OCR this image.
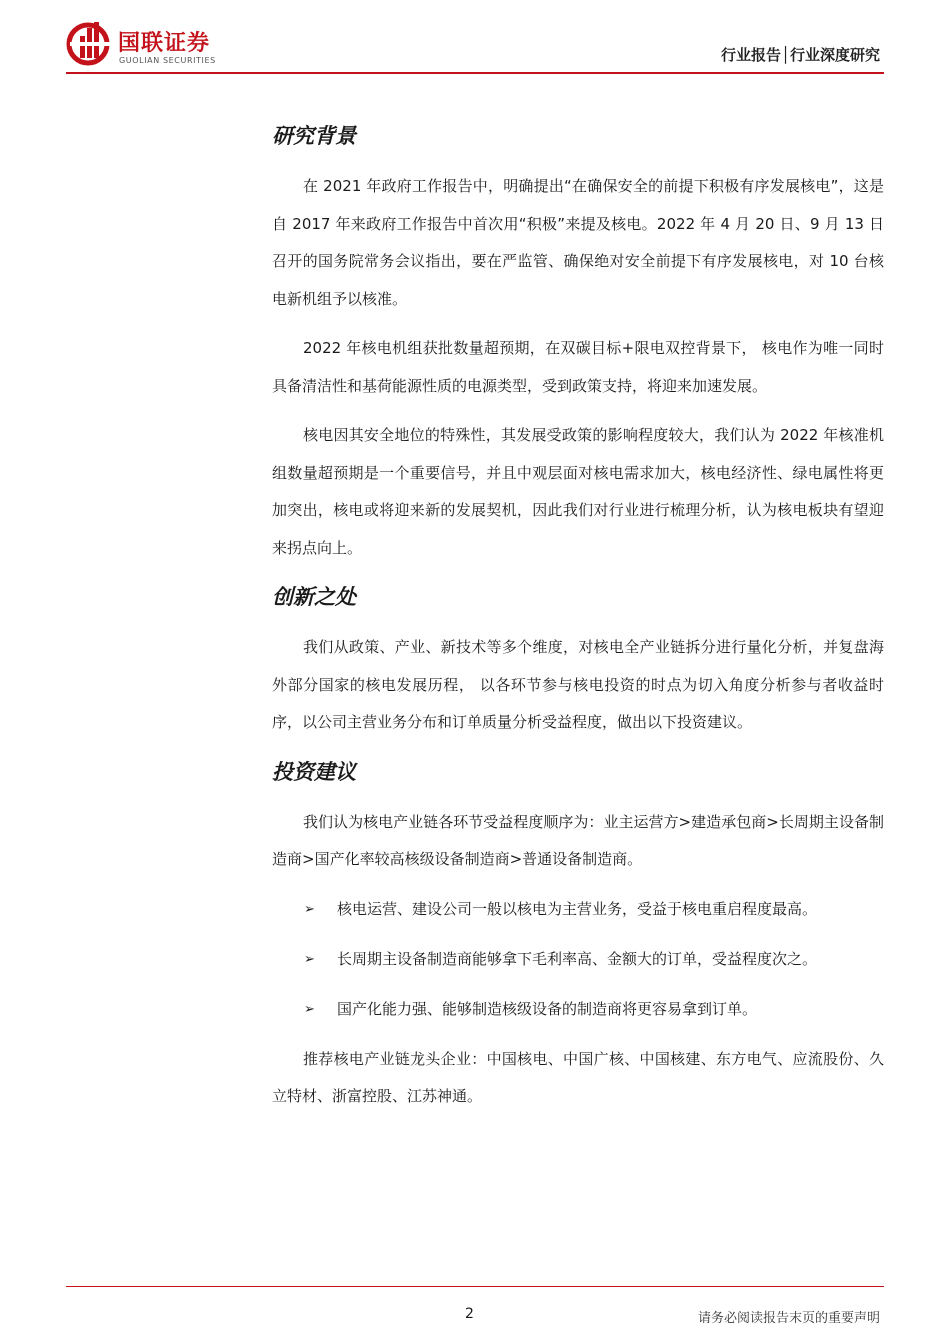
国联证券
GUOLIAN SECURITIES	行业报告│行业深度研究
研究背景

在 2021 年政府工作报告中，明确提出“在确保安全的前提下积极有序发展核电”，这是自 2017 年来政府工作报告中首次用“积极”来提及核电。2022 年 4 月 20 日、9 月 13 日召开的国务院常务会议指出，要在严监管、确保绝对安全前提下有序发展核电，对 10 台核电新机组予以核准。

2022 年核电机组获批数量超预期，在双碳目标+限电双控背景下， 核电作为唯一同时具备清洁性和基荷能源性质的电源类型，受到政策支持，将迎来加速发展。

核电因其安全地位的特殊性，其发展受政策的影响程度较大，我们认为 2022 年核准机组数量超预期是一个重要信号，并且中观层面对核电需求加大，核电经济性、绿电属性将更加突出，核电或将迎来新的发展契机，因此我们对行业进行梳理分析，认为核电板块有望迎来拐点向上。

创新之处

我们从政策、产业、新技术等多个维度，对核电全产业链拆分进行量化分析，并复盘海外部分国家的核电发展历程， 以各环节参与核电投资的时点为切入角度分析参与者收益时序，以公司主营业务分布和订单质量分析受益程度，做出以下投资建议。

投资建议

我们认为核电产业链各环节受益程度顺序为：业主运营方>建造承包商>长周期主设备制造商>国产化率较高核级设备制造商>普通设备制造商。

➢	核电运营、建设公司一般以核电为主营业务，受益于核电重启程度最高。
➢	长周期主设备制造商能够拿下毛利率高、金额大的订单，受益程度次之。
➢	国产化能力强、能够制造核级设备的制造商将更容易拿到订单。

推荐核电产业链龙头企业：中国核电、中国广核、中国核建、东方电气、应流股份、久立特材、浙富控股、江苏神通。

2	请务必阅读报告末页的重要声明
